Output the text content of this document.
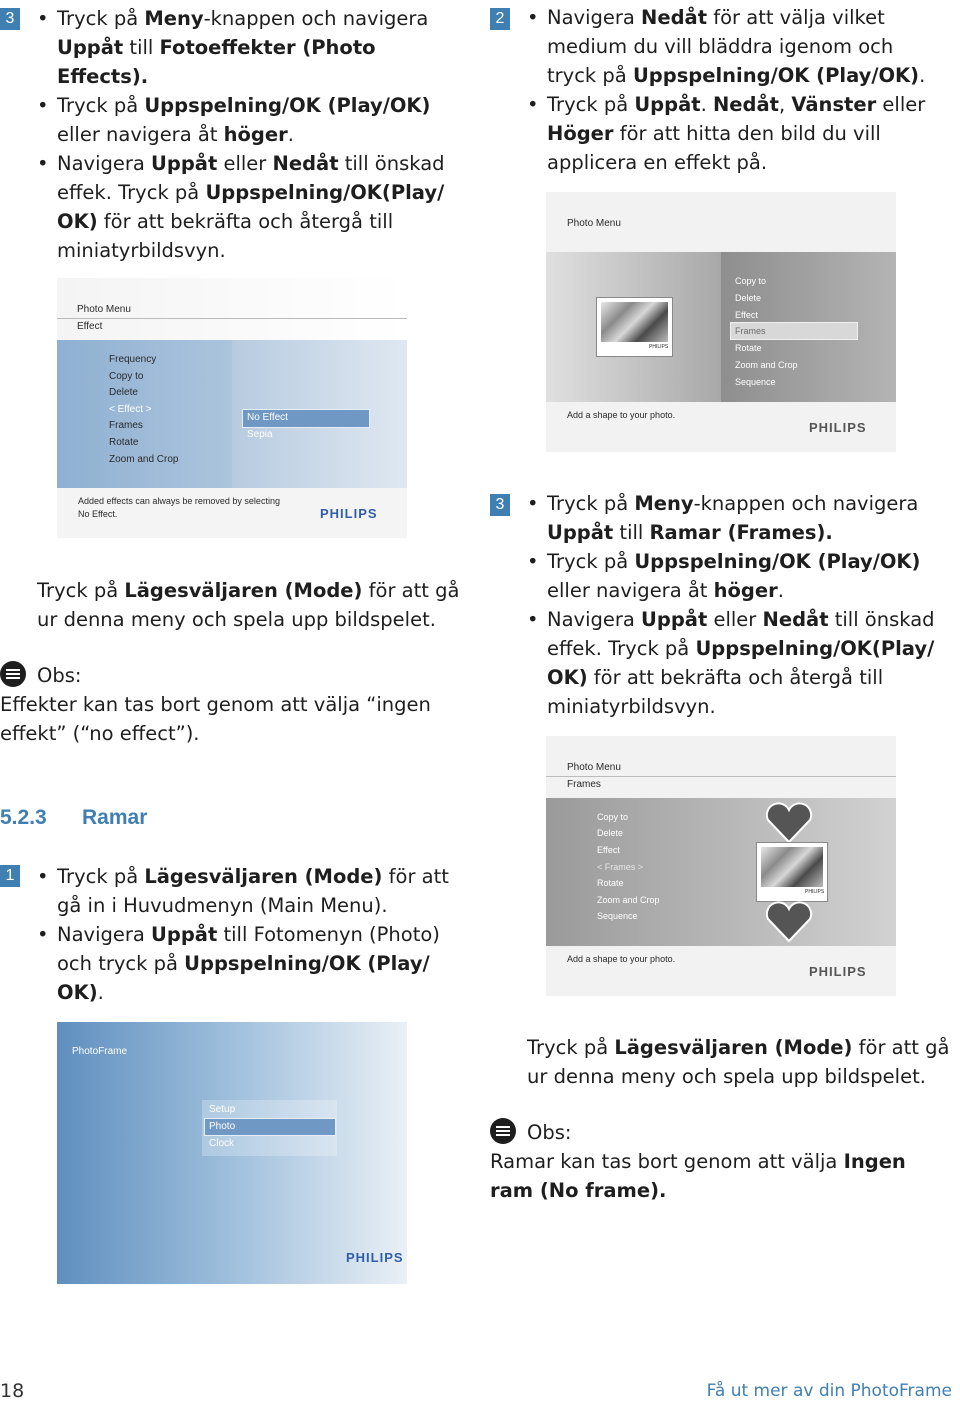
3	• Tryck på Meny-knappen och navigera Uppåt till Fotoeffekter (Photo Effects).
• Tryck på Uppspelning/OK (Play/OK) eller navigera åt höger.
• Navigera Uppåt eller Nedåt till önskad effek. Tryck på Uppspelning/OK(Play/ OK) för att bekräfta och återgå till miniatyrbildsvyn.
Photo Menu
Effect
Frequency
Copy to
Delete
< Effect >
Frames
Rotate
Zoom and Crop
No Effect
Sepia
Added effects can always be removed by selecting
No Effect.	PHILIPS

Tryck på Lägesväljaren (Mode) för att gå ur denna meny och spela upp bildspelet.

Obs:

Effekter kan tas bort genom att välja “ingen effekt” (“no effect”).

5.2.3 Ramar
1	• Tryck på Lägesväljaren (Mode) för att gå in i Huvudmenyn (Main Menu).
• Navigera Uppåt till Fotomenyn (Photo) och tryck på Uppspelning/OK (Play/ OK).
PhotoFrame
Setup
Photo
Clock
PHILIPS
2	• Navigera Nedåt för att välja vilket medium du vill bläddra igenom och tryck på Uppspelning/OK (Play/OK).
• Tryck på Uppåt. Nedåt, Vänster eller Höger för att hitta den bild du vill applicera en effekt på.
Photo Menu
PHILIPS
Copy to
Delete
Effect
Frames
Rotate
Zoom and Crop
Sequence
Add a shape to your photo.
PHILIPS
3	• Tryck på Meny-knappen och navigera Uppåt till Ramar (Frames).
• Tryck på Uppspelning/OK (Play/OK) eller navigera åt höger.
• Navigera Uppåt eller Nedåt till önskad effek. Tryck på Uppspelning/OK(Play/ OK) för att bekräfta och återgå till miniatyrbildsvyn.
Photo Menu
Frames
Copy to
Delete
Effect
< Frames >
Rotate
Zoom and Crop
Sequence
PHILIPS
Add a shape to your photo.
PHILIPS

Tryck på Lägesväljaren (Mode) för att gå ur denna meny och spela upp bildspelet.

Obs:

Ramar kan tas bort genom att välja Ingen ram (No frame).

18	Få ut mer av din PhotoFrame
